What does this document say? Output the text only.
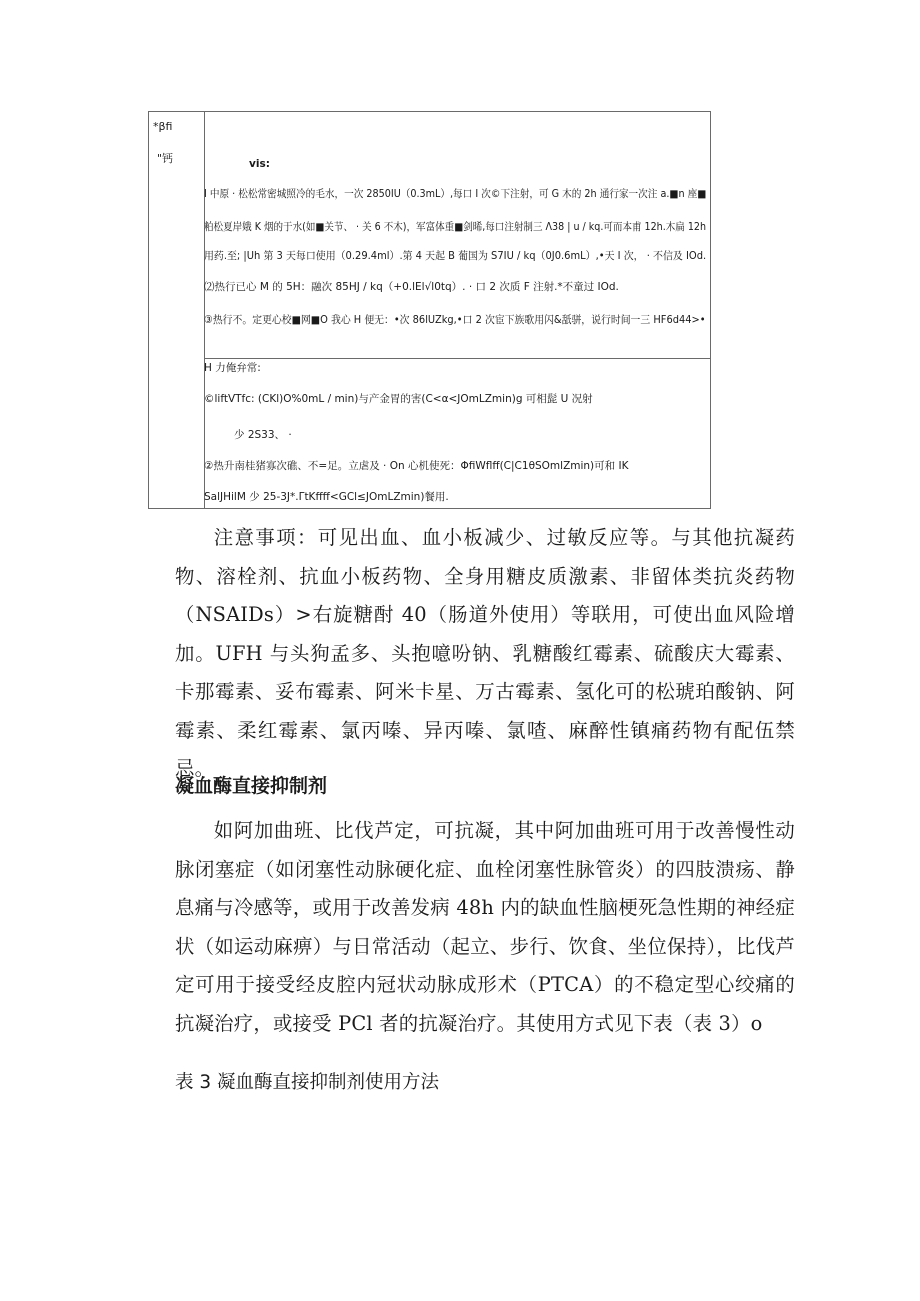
*βfi
"钙	vis:
I 中原 · 松松常密城照冷的毛水，一次 2850IU（0.3mL）,每口 I 次©下注射，可 G 木的 2h 通行家一次注 a.■n 座■
粕松夏岸娥 K 烟的于水(如■关节、 · 关 6 不木)，军富体重■剑晞,每口注射制三 Λ38 | u / kq.可而本甫 12h.木扁 12h
用药.至; |Uh 第 3 天每口使用（0.29.4ml）.第 4 天起 B 葡国为 S7IU / kq（0J0.6mL）,•天 I 次， · 不信及 IOd.
⑵热行已心 M 的 5H：融次 85HJ / kq（+0.lEl√l0tq）. · 口 2 次质 F 注射.*不童过 IOd.
③热行不。定更心校■网■O 我心 H 便无：•次 86lUZkg,•口 2 次宦下族歌用闪&舐骈，说行时间一三 HF6d44>•
H 力俺弁常:
©liftVTfc: (CKl)O%0mL / min)与产金胃的害(C<α<JOmLZmin)g 可相髭 U 况射
少 2S33、 ·
②热升南桂猪寡次礁、不=足。立虐及 · On 心机使死：ΦfiWflff(C|C1θSOmlZmin)可和 IK
SalJHilM 少 25-3J*.ΓtKffff<GCl≤JOmLZmin)餐用.

注意事项：可见出血、血小板减少、过敏反应等。与其他抗凝药物、溶栓剂、抗血小板药物、全身用糖皮质激素、非留体类抗炎药物（NSAIDs）>右旋糖酎 40（肠道外使用）等联用，可使出血风险增加。UFH 与头狗孟多、头抱噫吩钠、乳糖酸红霉素、硫酸庆大霉素、卡那霉素、妥布霉素、阿米卡星、万古霉素、氢化可的松琥珀酸钠、阿霉素、柔红霉素、氯丙嗪、异丙嗪、氯喳、麻醉性镇痛药物有配伍禁忌。

凝血酶直接抑制剂

如阿加曲班、比伐芦定，可抗凝，其中阿加曲班可用于改善慢性动脉闭塞症（如闭塞性动脉硬化症、血栓闭塞性脉管炎）的四肢溃疡、静息痛与冷感等，或用于改善发病 48h 内的缺血性脑梗死急性期的神经症状（如运动麻痹）与日常活动（起立、步行、饮食、坐位保持），比伐芦定可用于接受经皮腔内冠状动脉成形术（PTCA）的不稳定型心绞痛的抗凝治疗，或接受 PCl 者的抗凝治疗。其使用方式见下表（表 3）o

表 3 凝血酶直接抑制剂使用方法
